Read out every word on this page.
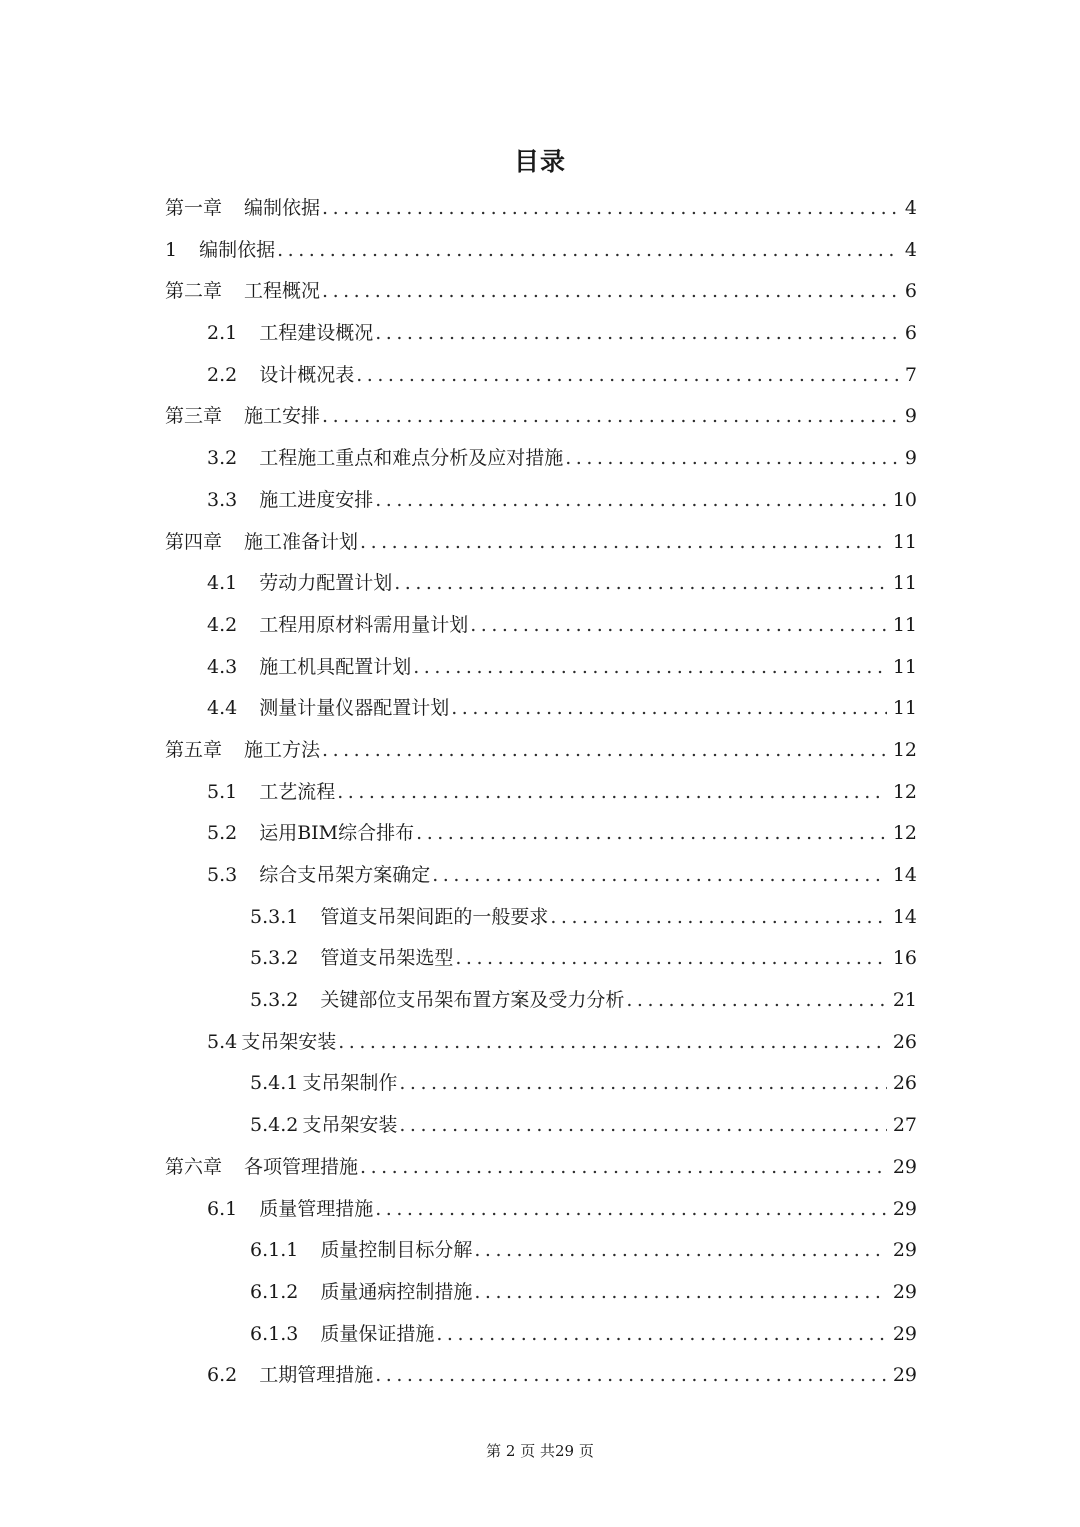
目录
第一章 编制依据 .....	4
1 编制依据 .....	4
第二章 工程概况 .....	6
2.1 工程建设概况 .....	6
2.2 设计概况表 .....	7
第三章 施工安排 .....	9
3.2 工程施工重点和难点分析及应对措施 .....	9
3.3 施工进度安排 .....	10
第四章 施工准备计划 .....	11
4.1 劳动力配置计划 .....	11
4.2 工程用原材料需用量计划 .....	11
4.3 施工机具配置计划 .....	11
4.4 测量计量仪器配置计划 .....	11
第五章 施工方法 .....	12
5.1 工艺流程 .....	12
5.2 运用BIM综合排布 .....	12
5.3 综合支吊架方案确定 .....	14
5.3.1 管道支吊架间距的一般要求 .....	14
5.3.2 管道支吊架选型 .....	16
5.3.2 关键部位支吊架布置方案及受力分析 .....	21
5.4 支吊架安装 .....	26
5.4.1 支吊架制作 .....	26
5.4.2 支吊架安装 .....	27
第六章 各项管理措施 .....	29
6.1 质量管理措施 .....	29
6.1.1 质量控制目标分解 .....	29
6.1.2 质量通病控制措施 .....	29
6.1.3 质量保证措施 .....	29
6.2 工期管理措施 .....	29
第 2 页 共29 页
